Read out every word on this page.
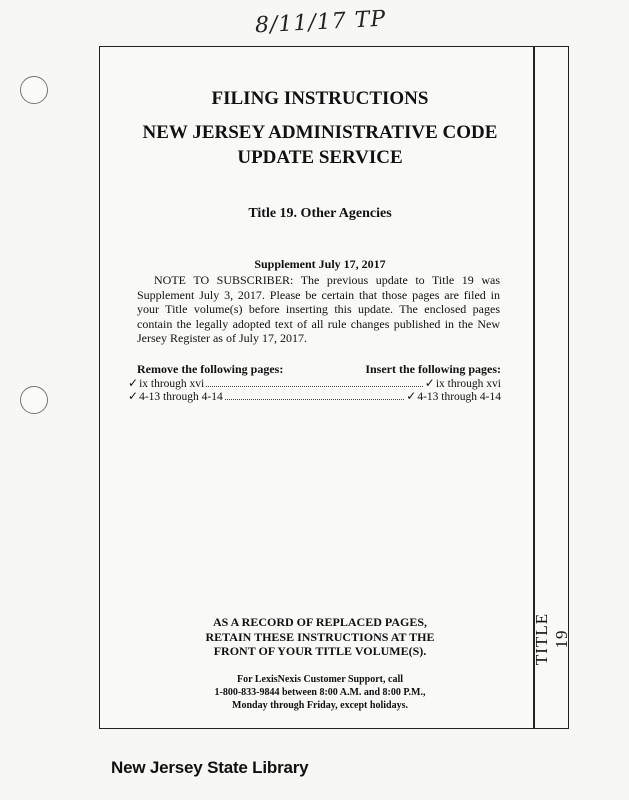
8/11/17 TP
TITLE 19
FILING INSTRUCTIONS
NEW JERSEY ADMINISTRATIVE CODE
UPDATE SERVICE
Title 19. Other Agencies
Supplement July 17, 2017
NOTE TO SUBSCRIBER: The previous update to Title 19 was Supplement July 3, 2017. Please be certain that those pages are filed in your Title volume(s) before inserting this update. The enclosed pages contain the legally adopted text of all rule changes published in the New Jersey Register as of July 17, 2017.
Remove the following pages:	Insert the following pages:
✓ ix through xvi	✓ ix through xvi
✓ 4-13 through 4-14	✓ 4-13 through 4-14
AS A RECORD OF REPLACED PAGES,
RETAIN THESE INSTRUCTIONS AT THE
FRONT OF YOUR TITLE VOLUME(S).
For LexisNexis Customer Support, call
1-800-833-9844 between 8:00 A.M. and 8:00 P.M.,
Monday through Friday, except holidays.
New Jersey State Library
